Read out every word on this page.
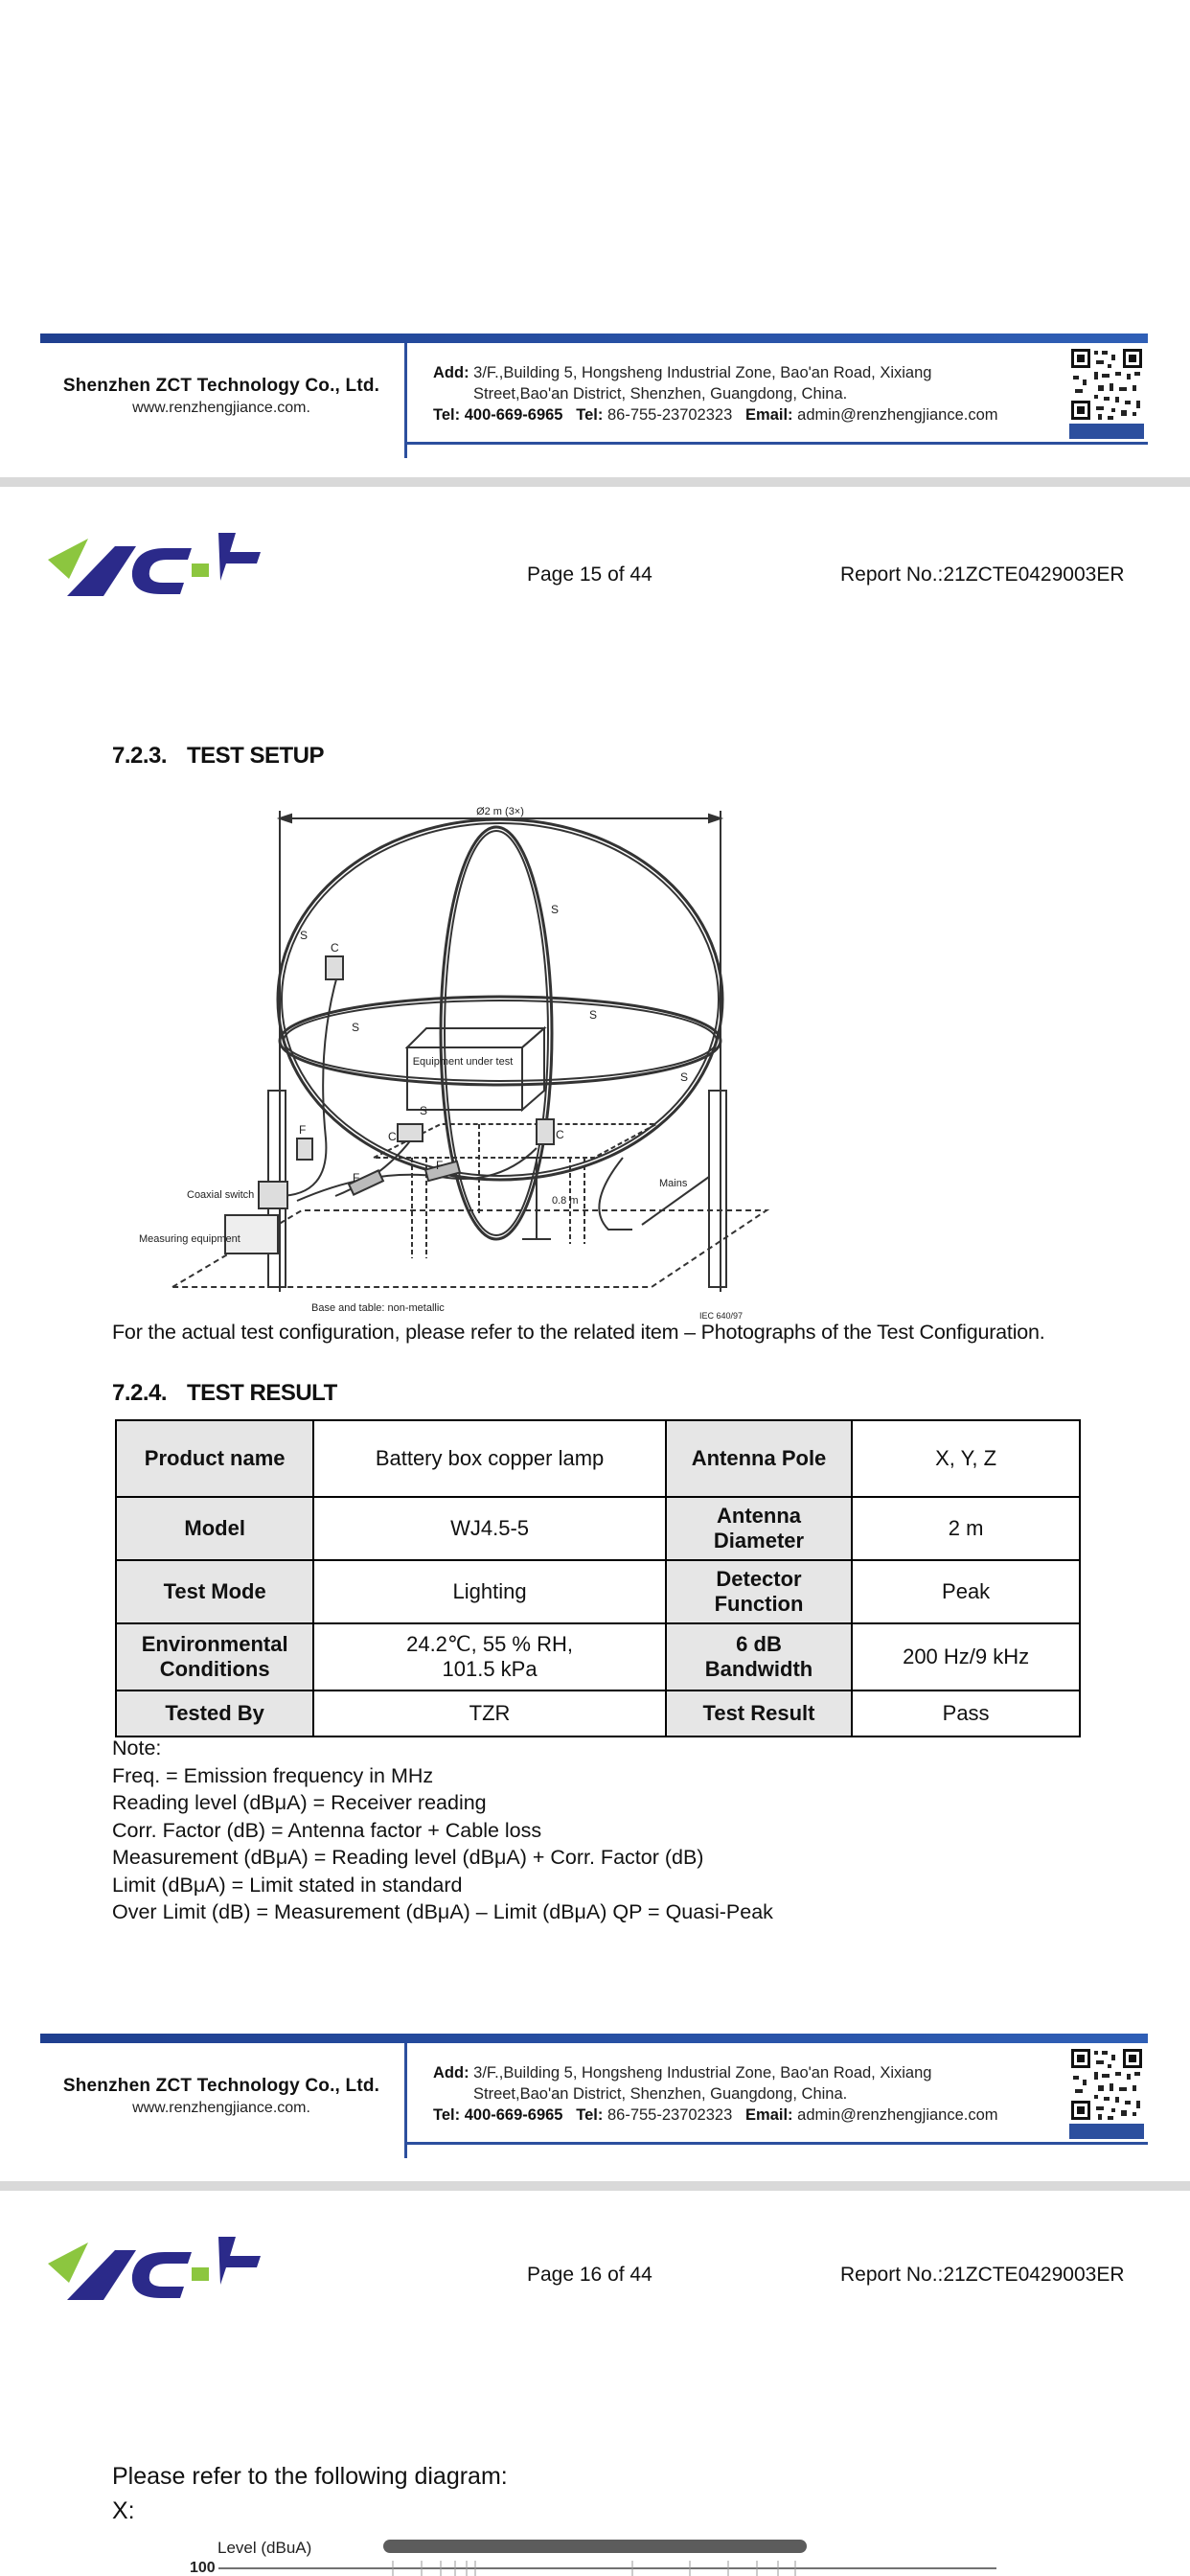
Shenzhen ZCT Technology Co., Ltd.
www.renzhengjiance.com.
Add: 3/F.,Building 5, Hongsheng Industrial Zone, Bao'an Road, Xixiang
Street,Bao'an District, Shenzhen, Guangdong, China.
Tel: 400-669-6965 Tel: 86-755-23702323 Email: admin@renzhengjiance.com
Page 15 of 44	Report No.:21ZCTE0429003ER
7.2.3. TEST SETUP
Ø2 m (3×)
Equipment under test
Coaxial switch
Measuring equipment
Mains
0.8 m
Base and table: non-metallic
IEC 640/97
C
S
C	C
S
S
S
S
S
F
F
F
For the actual test configuration, please refer to the related item – Photographs of the Test Configuration.
7.2.4. TEST RESULT
Product name	Battery box copper lamp	Antenna Pole	X, Y, Z
Model	WJ4.5-5	Antenna Diameter	2 m
Test Mode	Lighting	Detector Function	Peak
Environmental Conditions	24.2℃, 55 % RH, 101.5 kPa	6 dB Bandwidth	200 Hz/9 kHz
Tested By	TZR	Test Result	Pass
Note:
Freq. = Emission frequency in MHz
Reading level (dBμA) = Receiver reading
Corr. Factor (dB) = Antenna factor + Cable loss
Measurement (dBμA) = Reading level (dBμA) + Corr. Factor (dB)
Limit (dBμA) = Limit stated in standard
Over Limit (dB) = Measurement (dBμA) – Limit (dBμA) QP = Quasi-Peak
Shenzhen ZCT Technology Co., Ltd.
www.renzhengjiance.com.
Add: 3/F.,Building 5, Hongsheng Industrial Zone, Bao'an Road, Xixiang
Street,Bao'an District, Shenzhen, Guangdong, China.
Tel: 400-669-6965 Tel: 86-755-23702323 Email: admin@renzhengjiance.com
Page 16 of 44	Report No.:21ZCTE0429003ER
Please refer to the following diagram:
X:
Level (dBuA)
100
